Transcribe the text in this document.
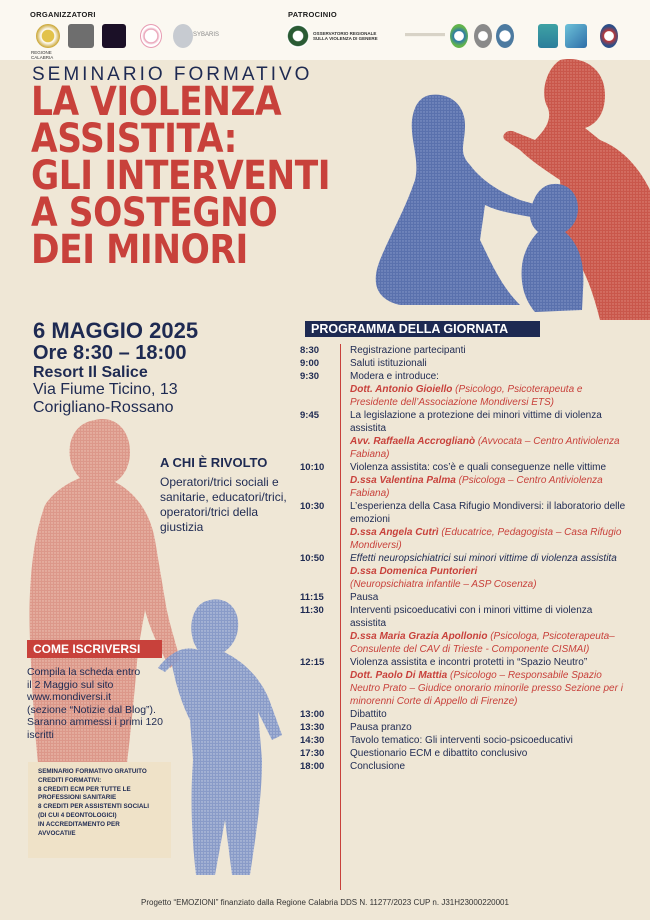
ORGANIZZATORI	PATROCINIO
REGIONE CALABRIA
SYBARIS	OSSERVATORIO REGIONALE SULLA VIOLENZA DI GENERE
SEMINARIO FORMATIVO
LA VIOLENZA
ASSISTITA:
GLI INTERVENTI
A SOSTEGNO
DEI MINORI
6 MAGGIO 2025
Ore 8:30 – 18:00
Resort Il Salice
Via Fiume Ticino, 13
Corigliano-Rossano
A CHI È RIVOLTO
Operatori/trici sociali e sanitarie, educatori/trici, operatori/trici della giustizia
COME ISCRIVERSI
Compila la scheda entro
il 2 Maggio sul sito
www.mondiversi.it
(sezione “Notizie dal Blog”).
Saranno ammessi i primi 120
iscritti
SEMINARIO FORMATIVO GRATUITO
CREDITI FORMATIVI:
8 CREDITI ECM PER TUTTE LE
PROFESSIONI SANITARIE
8 CREDITI PER ASSISTENTI SOCIALI
(DI CUI 4 DEONTOLOGICI)
IN ACCREDITAMENTO PER
AVVOCATI/E
PROGRAMMA DELLA GIORNATA
8:30	Registrazione partecipanti
9:00	Saluti istituzionali
9:30	Modera e introduce:
Dott. Antonio Gioiello (Psicologo, Psicoterapeuta e Presidente dell’Associazione Mondiversi ETS)
9:45	La legislazione a protezione dei minori vittime di violenza assistita
Avv. Raffaella Accroglianò (Avvocata – Centro Antiviolenza Fabiana)
10:10	Violenza assistita: cos’è e quali conseguenze nelle vittime
D.ssa Valentina Palma (Psicologa – Centro Antiviolenza Fabiana)
10:30	L’esperienza della Casa Rifugio Mondiversi: il laboratorio delle emozioni
D.ssa Angela Cutrì (Educatrice, Pedagogista – Casa Rifugio Mondiversi)
10:50	Effetti neuropsichiatrici sui minori vittime di violenza assistita
D.ssa Domenica Puntorieri
(Neuropsichiatra infantile – ASP Cosenza)
11:15	Pausa
11:30	Interventi psicoeducativi con i minori vittime di violenza assistita
D.ssa Maria Grazia Apollonio (Psicologa, Psicoterapeuta–Consulente del CAV di Trieste - Componente CISMAI)
12:15	Violenza assistita e incontri protetti in “Spazio Neutro”
Dott. Paolo Di Mattia (Psicologo – Responsabile Spazio Neutro Prato – Giudice onorario minorile presso Sezione per i minorenni Corte di Appello di Firenze)
13:00	Dibattito
13:30	Pausa pranzo
14:30	Tavolo tematico: Gli interventi socio-psicoeducativi
17:30	Questionario ECM e dibattito conclusivo
18:00	Conclusione
Progetto “EMOZIONI” finanziato dalla Regione Calabria DDS N. 11277/2023 CUP n. J31H23000220001
